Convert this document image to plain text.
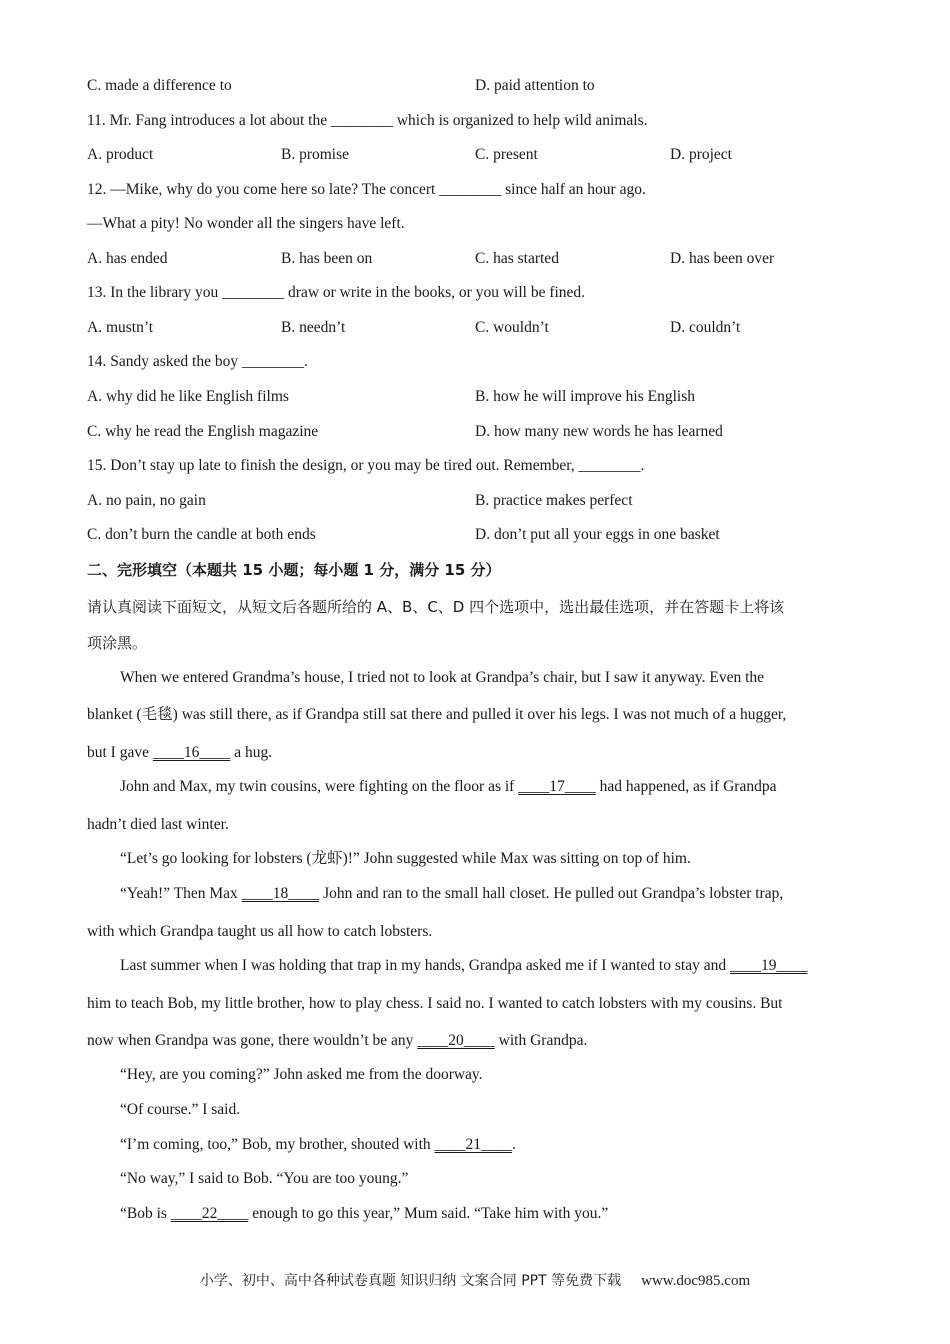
C. made a difference to	D. paid attention to
11. Mr. Fang introduces a lot about the ________ which is organized to help wild animals.
A. product	B. promise	C. present	D. project
12. —Mike, why do you come here so late? The concert ________ since half an hour ago.
—What a pity! No wonder all the singers have left.
A. has ended	B. has been on	C. has started	D. has been over
13. In the library you ________ draw or write in the books, or you will be fined.
A. mustn’t	B. needn’t	C. wouldn’t	D. couldn’t
14. Sandy asked the boy ________.
A. why did he like English films	B. how he will improve his English
C. why he read the English magazine	D. how many new words he has learned
15. Don’t stay up late to finish the design, or you may be tired out. Remember, ________.
A. no pain, no gain	B. practice makes perfect
C. don’t burn the candle at both ends	D. don’t put all your eggs in one basket
二、完形填空（本题共 15 小题；每小题 1 分，满分 15 分）
请认真阅读下面短文，从短文后各题所给的 A、B、C、D 四个选项中，选出最佳选项，并在答题卡上将该
项涂黑。
When we entered Grandma’s house, I tried not to look at Grandpa’s chair, but I saw it anyway. Even the
blanket (毛毯) was still there, as if Grandpa still sat there and pulled it over his legs. I was not much of a hugger,
but I gave ____16____ a hug.
John and Max, my twin cousins, were fighting on the floor as if ____17____ had happened, as if Grandpa
hadn’t died last winter.
“Let’s go looking for lobsters (龙虾)!” John suggested while Max was sitting on top of him.
“Yeah!” Then Max ____18____ John and ran to the small hall closet. He pulled out Grandpa’s lobster trap,
with which Grandpa taught us all how to catch lobsters.
Last summer when I was holding that trap in my hands, Grandpa asked me if I wanted to stay and ____19____
him to teach Bob, my little brother, how to play chess. I said no. I wanted to catch lobsters with my cousins. But
now when Grandpa was gone, there wouldn’t be any ____20____ with Grandpa.
“Hey, are you coming?” John asked me from the doorway.
“Of course.” I said.
“I’m coming, too,” Bob, my brother, shouted with ____21____.
“No way,” I said to Bob. “You are too young.”
“Bob is ____22____ enough to go this year,” Mum said. “Take him with you.”
小学、初中、高中各种试卷真题 知识归纳 文案合同 PPT 等免费下载 www.doc985.com
